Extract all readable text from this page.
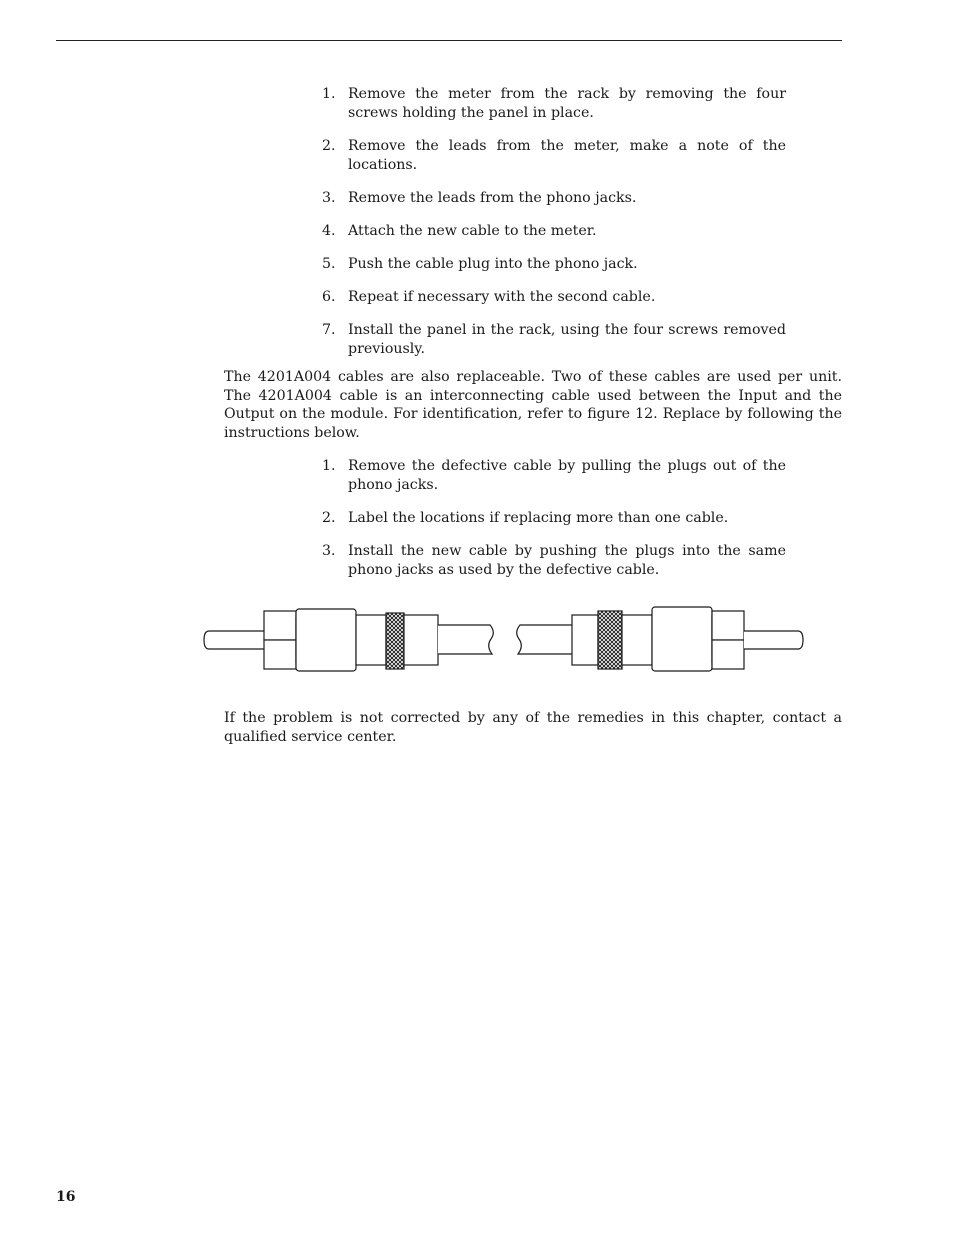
1. Remove the meter from the rack by removing the four screws holding the panel in place.
2. Remove the leads from the meter, make a note of the locations.
3. Remove the leads from the phono jacks.
4. Attach the new cable to the meter.
5. Push the cable plug into the phono jack.
6. Repeat if necessary with the second cable.
7. Install the panel in the rack, using the four screws removed previously.

The 4201A004 cables are also replaceable. Two of these cables are used per unit. The 4201A004 cable is an interconnecting cable used between the Input and the Output on the module. For identification, refer to figure 12. Replace by following the instructions below.

1. Remove the defective cable by pulling the plugs out of the phono jacks.
2. Label the locations if replacing more than one cable.
3. Install the new cable by pushing the plugs into the same phono jacks as used by the defective cable.

If the problem is not corrected by any of the remedies in this chapter, contact a qualified service center.

16
